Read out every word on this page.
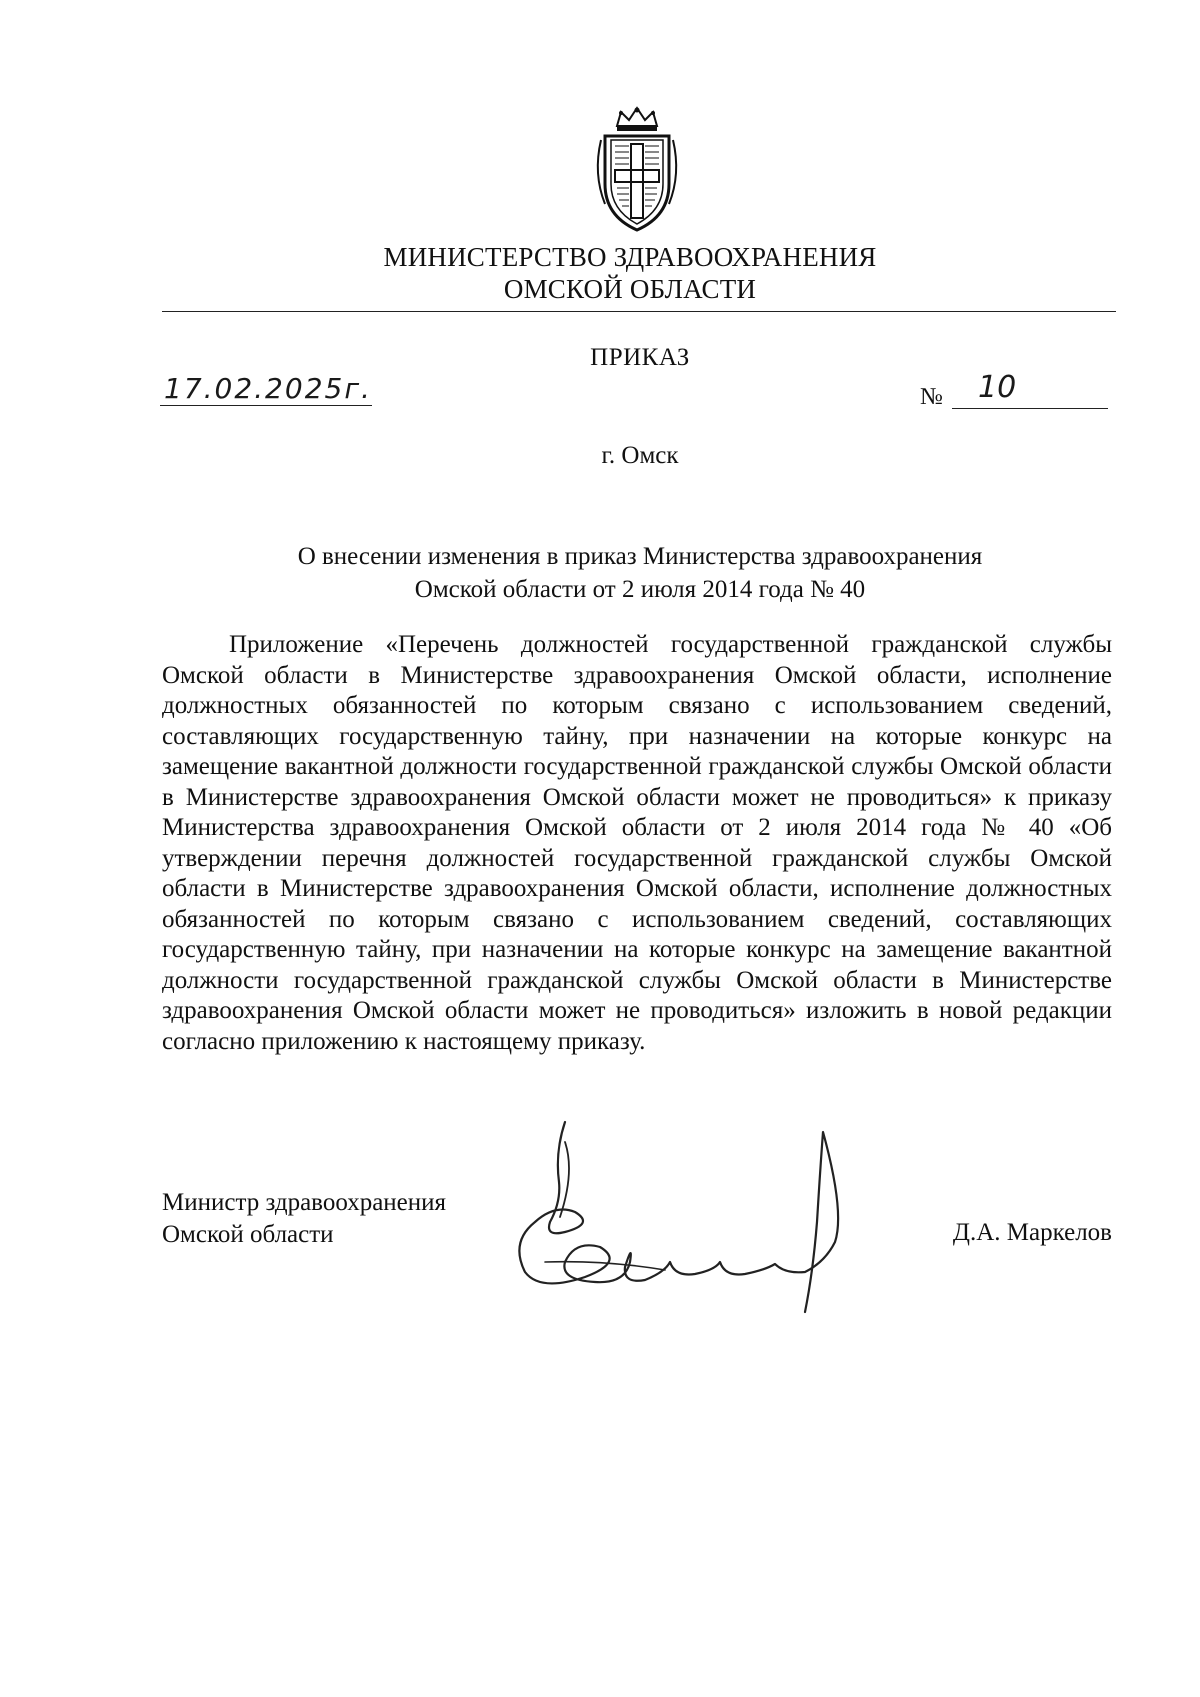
МИНИСТЕРСТВО ЗДРАВООХРАНЕНИЯ
ОМСКОЙ ОБЛАСТИ
ПРИКАЗ
17.02.2025г.	№ 10
г. Омск
О внесении изменения в приказ Министерства здравоохранения
Омской области от 2 июля 2014 года № 40
Приложение «Перечень должностей государственной гражданской службы Омской области в Министерстве здравоохранения Омской области, исполнение должностных обязанностей по которым связано с использованием сведений, составляющих государственную тайну, при назначении на которые конкурс на замещение вакантной должности государственной гражданской службы Омской области в Министерстве здравоохранения Омской области может не проводиться» к приказу Министерства здравоохранения Омской области от 2 июля 2014 года № 40 «Об утверждении перечня должностей государственной гражданской службы Омской области в Министерстве здравоохранения Омской области, исполнение должностных обязанностей по которым связано с использованием сведений, составляющих государственную тайну, при назначении на которые конкурс на замещение вакантной должности государственной гражданской службы Омской области в Министерстве здравоохранения Омской области может не проводиться» изложить в новой редакции согласно приложению к настоящему приказу.
Министр здравоохранения
Омской области	Д.А. Маркелов
